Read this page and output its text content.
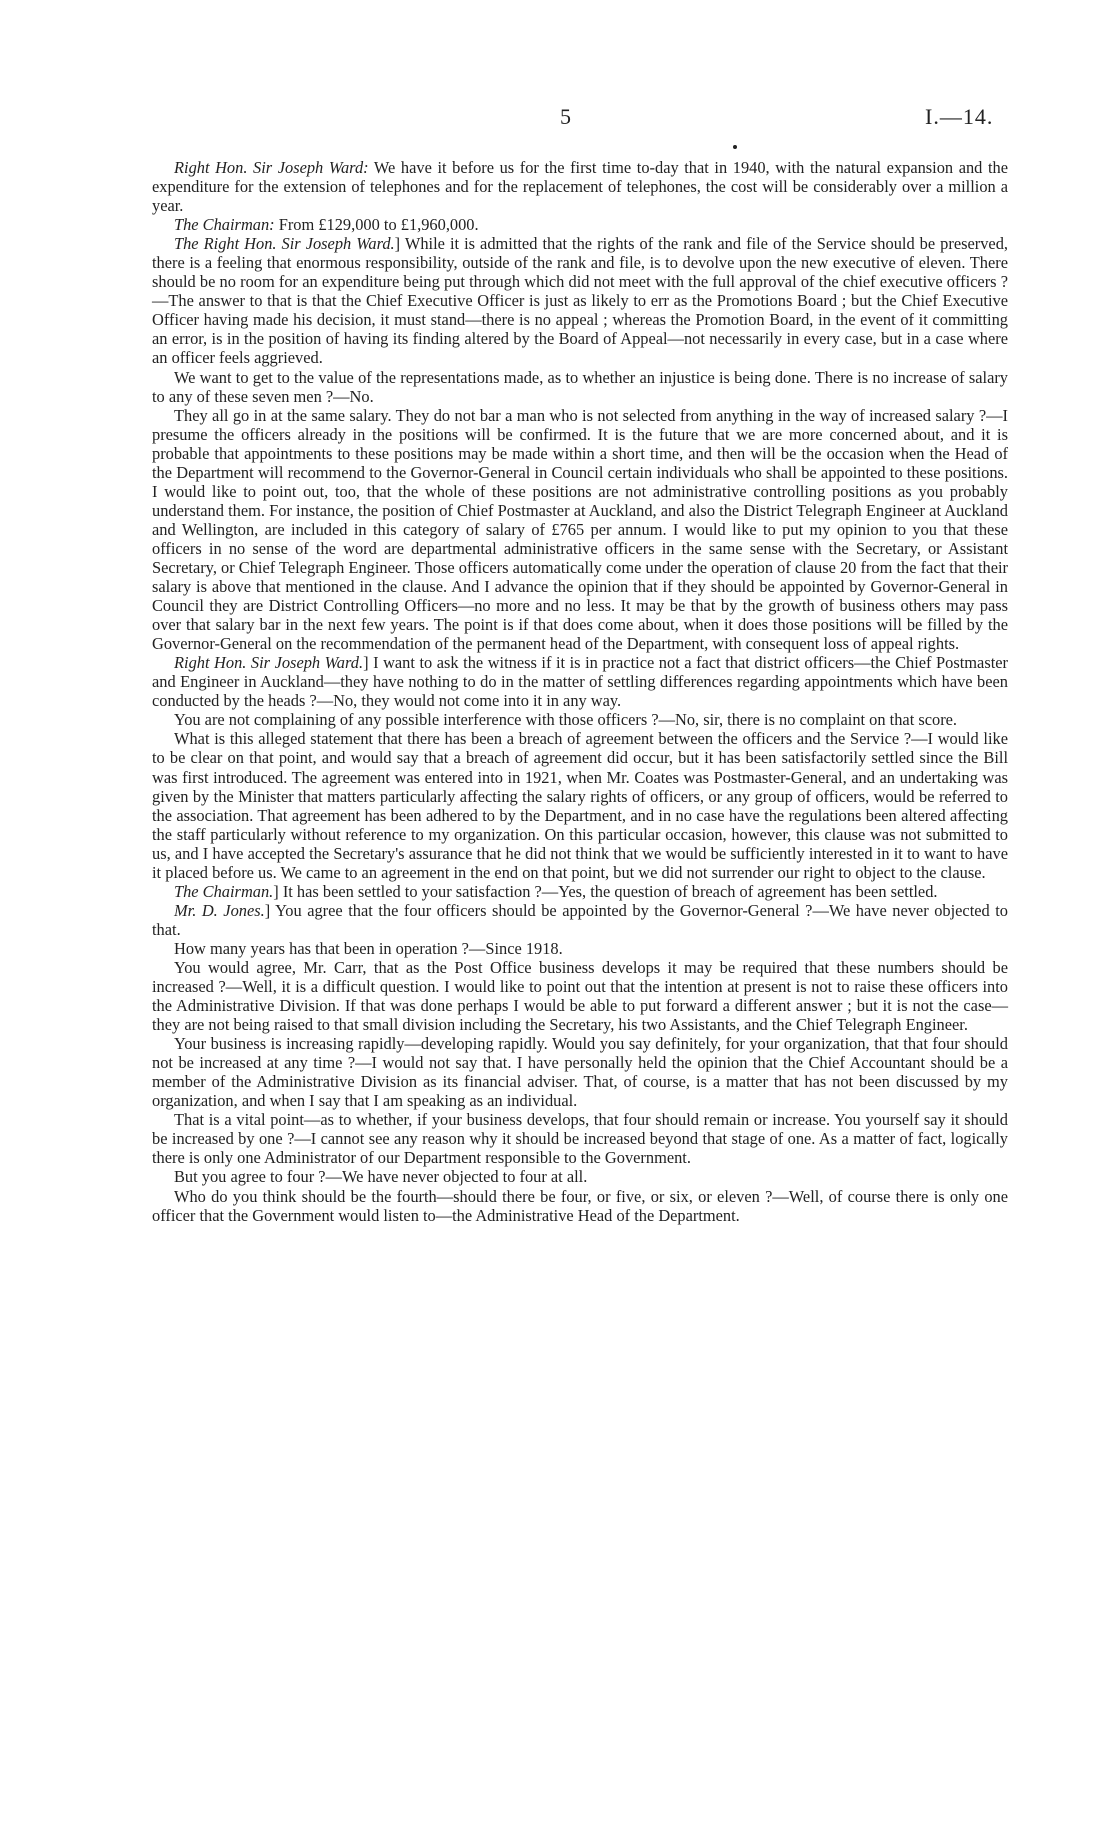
5	I.—14.

Right Hon. Sir Joseph Ward: We have it before us for the first time to-day that in 1940, with the natural expansion and the expenditure for the extension of telephones and for the replacement of telephones, the cost will be considerably over a million a year.

The Chairman: From £129,000 to £1,960,000.

The Right Hon. Sir Joseph Ward.] While it is admitted that the rights of the rank and file of the Service should be preserved, there is a feeling that enormous responsibility, outside of the rank and file, is to devolve upon the new executive of eleven. There should be no room for an expenditure being put through which did not meet with the full approval of the chief executive officers ?—The answer to that is that the Chief Executive Officer is just as likely to err as the Promotions Board ; but the Chief Executive Officer having made his decision, it must stand—there is no appeal ; whereas the Promotion Board, in the event of it committing an error, is in the position of having its finding altered by the Board of Appeal—not necessarily in every case, but in a case where an officer feels aggrieved.

We want to get to the value of the representations made, as to whether an injustice is being done. There is no increase of salary to any of these seven men ?—No.

They all go in at the same salary. They do not bar a man who is not selected from anything in the way of increased salary ?—I presume the officers already in the positions will be confirmed. It is the future that we are more concerned about, and it is probable that appointments to these positions may be made within a short time, and then will be the occasion when the Head of the Department will recommend to the Governor-General in Council certain individuals who shall be appointed to these positions. I would like to point out, too, that the whole of these positions are not administrative controlling positions as you probably understand them. For instance, the position of Chief Postmaster at Auckland, and also the District Telegraph Engineer at Auckland and Wellington, are included in this category of salary of £765 per annum. I would like to put my opinion to you that these officers in no sense of the word are departmental administrative officers in the same sense with the Secretary, or Assistant Secretary, or Chief Telegraph Engineer. Those officers automatically come under the operation of clause 20 from the fact that their salary is above that mentioned in the clause. And I advance the opinion that if they should be appointed by Governor-General in Council they are District Controlling Officers—no more and no less. It may be that by the growth of business others may pass over that salary bar in the next few years. The point is if that does come about, when it does those positions will be filled by the Governor-General on the recommendation of the permanent head of the Department, with consequent loss of appeal rights.

Right Hon. Sir Joseph Ward.] I want to ask the witness if it is in practice not a fact that district officers—the Chief Postmaster and Engineer in Auckland—they have nothing to do in the matter of settling differences regarding appointments which have been conducted by the heads ?—No, they would not come into it in any way.

You are not complaining of any possible interference with those officers ?—No, sir, there is no complaint on that score.

What is this alleged statement that there has been a breach of agreement between the officers and the Service ?—I would like to be clear on that point, and would say that a breach of agreement did occur, but it has been satisfactorily settled since the Bill was first introduced. The agreement was entered into in 1921, when Mr. Coates was Postmaster-General, and an undertaking was given by the Minister that matters particularly affecting the salary rights of officers, or any group of officers, would be referred to the association. That agreement has been adhered to by the Department, and in no case have the regulations been altered affecting the staff particularly without reference to my organization. On this particular occasion, however, this clause was not submitted to us, and I have accepted the Secretary's assurance that he did not think that we would be sufficiently interested in it to want to have it placed before us. We came to an agreement in the end on that point, but we did not surrender our right to object to the clause.

The Chairman.] It has been settled to your satisfaction ?—Yes, the question of breach of agreement has been settled.

Mr. D. Jones.] You agree that the four officers should be appointed by the Governor-General ?—We have never objected to that.

How many years has that been in operation ?—Since 1918.

You would agree, Mr. Carr, that as the Post Office business develops it may be required that these numbers should be increased ?—Well, it is a difficult question. I would like to point out that the intention at present is not to raise these officers into the Administrative Division. If that was done perhaps I would be able to put forward a different answer ; but it is not the case—they are not being raised to that small division including the Secretary, his two Assistants, and the Chief Telegraph Engineer.

Your business is increasing rapidly—developing rapidly. Would you say definitely, for your organization, that that four should not be increased at any time ?—I would not say that. I have personally held the opinion that the Chief Accountant should be a member of the Administrative Division as its financial adviser. That, of course, is a matter that has not been discussed by my organization, and when I say that I am speaking as an individual.

That is a vital point—as to whether, if your business develops, that four should remain or increase. You yourself say it should be increased by one ?—I cannot see any reason why it should be increased beyond that stage of one. As a matter of fact, logically there is only one Administrator of our Department responsible to the Government.

But you agree to four ?—We have never objected to four at all.

Who do you think should be the fourth—should there be four, or five, or six, or eleven ?—Well, of course there is only one officer that the Government would listen to—the Administrative Head of the Department.
